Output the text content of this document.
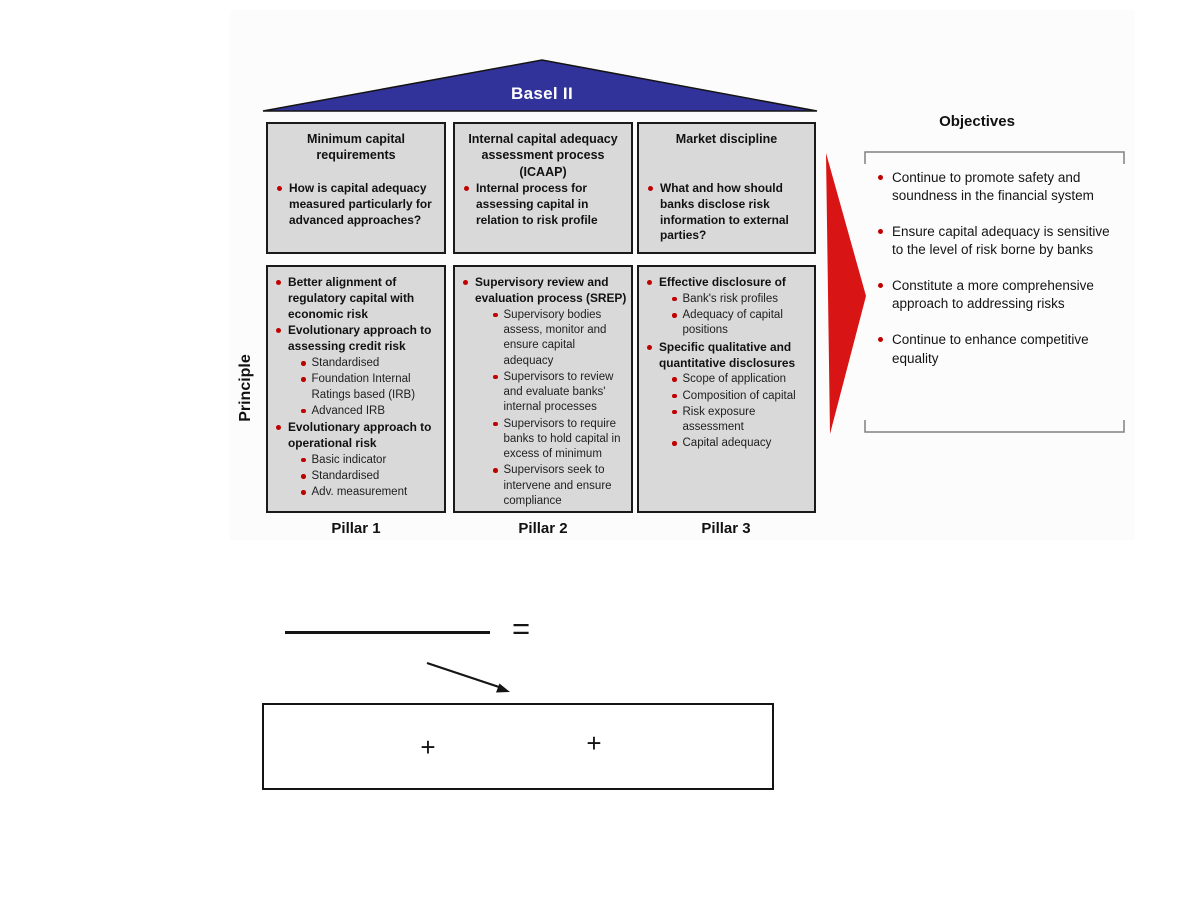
Basel II
Minimum capital requirements
How is capital adequacy measured particularly for advanced approaches?
Internal capital adequacy assessment process (ICAAP)
Internal process for assessing capital in relation to risk profile
Market discipline
What and how should banks disclose risk information to external parties?
Better alignment of regulatory capital with economic risk
Evolutionary approach to assessing credit risk
Standardised
Foundation Internal Ratings based (IRB)
Advanced IRB
Evolutionary approach to operational risk
Basic indicator
Standardised
Adv. measurement
Supervisory review and evaluation process (SREP)
Supervisory bodies assess, monitor and ensure capital adequacy
Supervisors to review and evaluate banks' internal processes
Supervisors to require banks to hold capital in excess of minimum
Supervisors seek to intervene and ensure compliance
Effective disclosure of
Bank's risk profiles
Adequacy of capital positions
Specific qualitative and quantitative disclosures
Scope of application
Composition of capital
Risk exposure assessment
Capital adequacy
Principle
Pillar 1	Pillar 2	Pillar 3
Objectives
Continue to promote safety and soundness in the financial system
Ensure capital adequacy is sensitive to the level of risk borne by banks
Constitute a more comprehensive approach to addressing risks
Continue to enhance competitive equality
=
+	+
